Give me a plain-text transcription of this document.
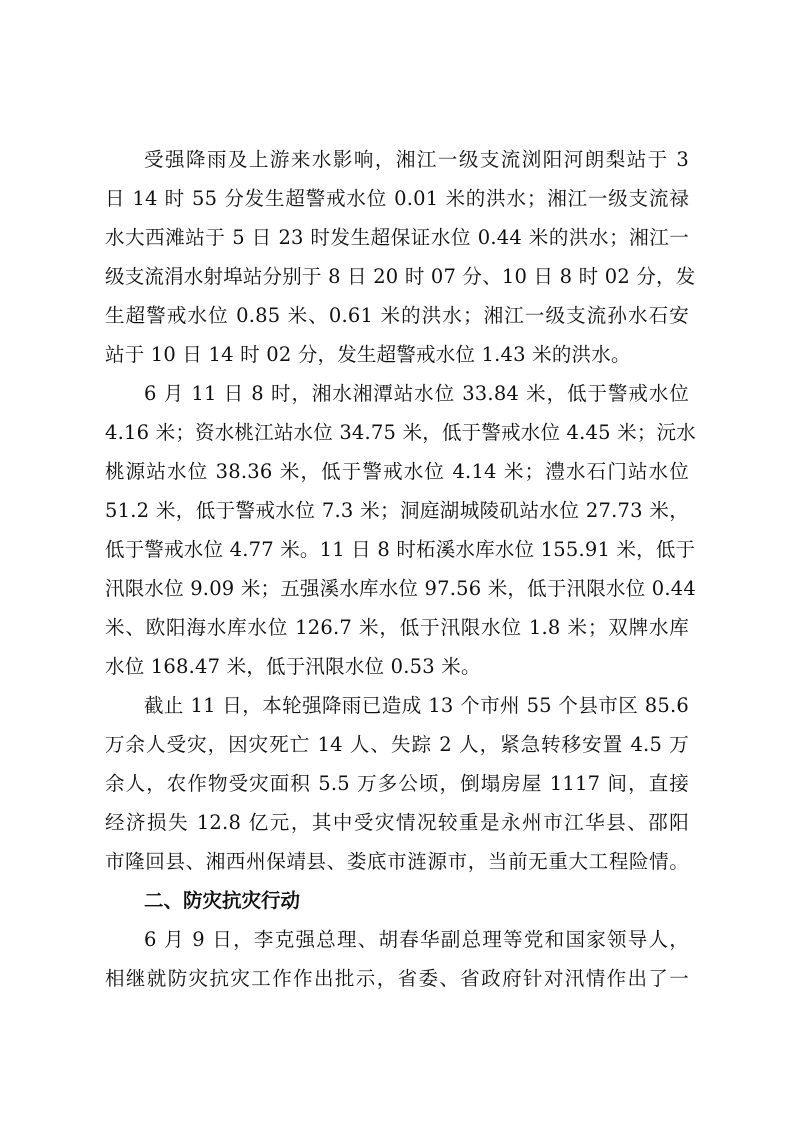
受强降雨及上游来水影响，湘江一级支流浏阳河朗梨站于 3
日 14 时 55 分发生超警戒水位 0.01 米的洪水；湘江一级支流禄
水大西滩站于 5 日 23 时发生超保证水位 0.44 米的洪水；湘江一
级支流涓水射埠站分别于 8 日 20 时 07 分、10 日 8 时 02 分，发
生超警戒水位 0.85 米、0.61 米的洪水；湘江一级支流孙水石安
站于 10 日 14 时 02 分，发生超警戒水位 1.43 米的洪水。
6 月 11 日 8 时，湘水湘潭站水位 33.84 米，低于警戒水位
4.16 米；资水桃江站水位 34.75 米，低于警戒水位 4.45 米；沅水
桃源站水位 38.36 米，低于警戒水位 4.14 米；澧水石门站水位
51.2 米，低于警戒水位 7.3 米；洞庭湖城陵矶站水位 27.73 米，
低于警戒水位 4.77 米。11 日 8 时柘溪水库水位 155.91 米，低于
汛限水位 9.09 米；五强溪水库水位 97.56 米，低于汛限水位 0.44
米、欧阳海水库水位 126.7 米，低于汛限水位 1.8 米；双牌水库
水位 168.47 米，低于汛限水位 0.53 米。
截止 11 日，本轮强降雨已造成 13 个市州 55 个县市区 85.6
万余人受灾，因灾死亡 14 人、失踪 2 人，紧急转移安置 4.5 万
余人，农作物受灾面积 5.5 万多公顷，倒塌房屋 1117 间，直接
经济损失 12.8 亿元，其中受灾情况较重是永州市江华县、邵阳
市隆回县、湘西州保靖县、娄底市涟源市，当前无重大工程险情。
二、防灾抗灾行动
6 月 9 日，李克强总理、胡春华副总理等党和国家领导人，
相继就防灾抗灾工作作出批示，省委、省政府针对汛情作出了一
